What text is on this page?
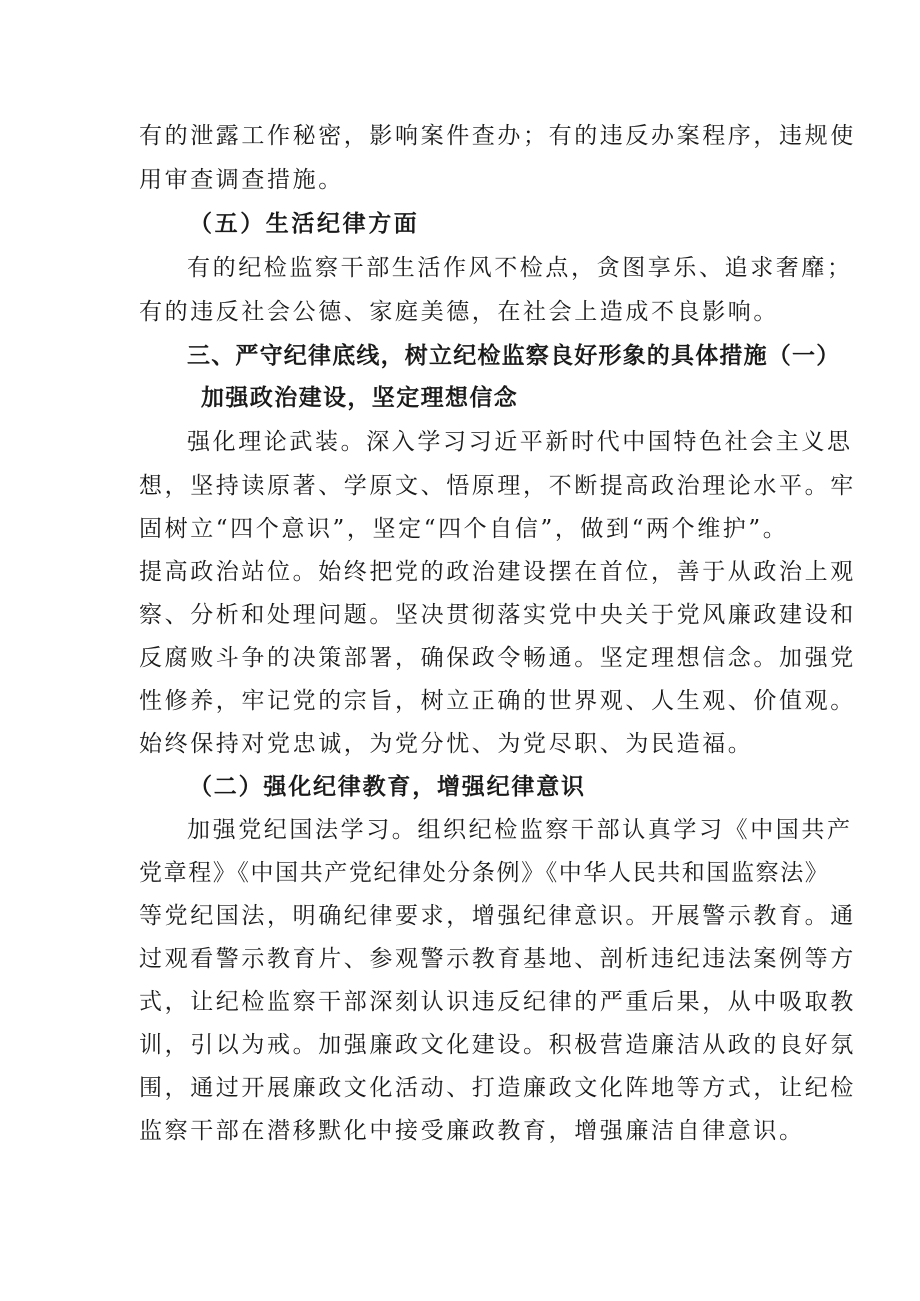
有的泄露工作秘密，影响案件查办；有的违反办案程序，违规使
用审查调查措施。
（五）生活纪律方面
有的纪检监察干部生活作风不检点，贪图享乐、追求奢靡；
有的违反社会公德、家庭美德，在社会上造成不良影响。
三、严守纪律底线，树立纪检监察良好形象的具体措施（一）
加强政治建设，坚定理想信念
强化理论武装。深入学习习近平新时代中国特色社会主义思
想，坚持读原著、学原文、悟原理，不断提高政治理论水平。牢
固树立“四个意识”，坚定“四个自信”，做到“两个维护”。
提高政治站位。始终把党的政治建设摆在首位，善于从政治上观
察、分析和处理问题。坚决贯彻落实党中央关于党风廉政建设和
反腐败斗争的决策部署，确保政令畅通。坚定理想信念。加强党
性修养，牢记党的宗旨，树立正确的世界观、人生观、价值观。
始终保持对党忠诚，为党分忧、为党尽职、为民造福。
（二）强化纪律教育，增强纪律意识
加强党纪国法学习。组织纪检监察干部认真学习《中国共产
党章程》《中国共产党纪律处分条例》《中华人民共和国监察法》
等党纪国法，明确纪律要求，增强纪律意识。开展警示教育。通
过观看警示教育片、参观警示教育基地、剖析违纪违法案例等方
式，让纪检监察干部深刻认识违反纪律的严重后果，从中吸取教
训，引以为戒。加强廉政文化建设。积极营造廉洁从政的良好氛
围，通过开展廉政文化活动、打造廉政文化阵地等方式，让纪检
监察干部在潜移默化中接受廉政教育，增强廉洁自律意识。
